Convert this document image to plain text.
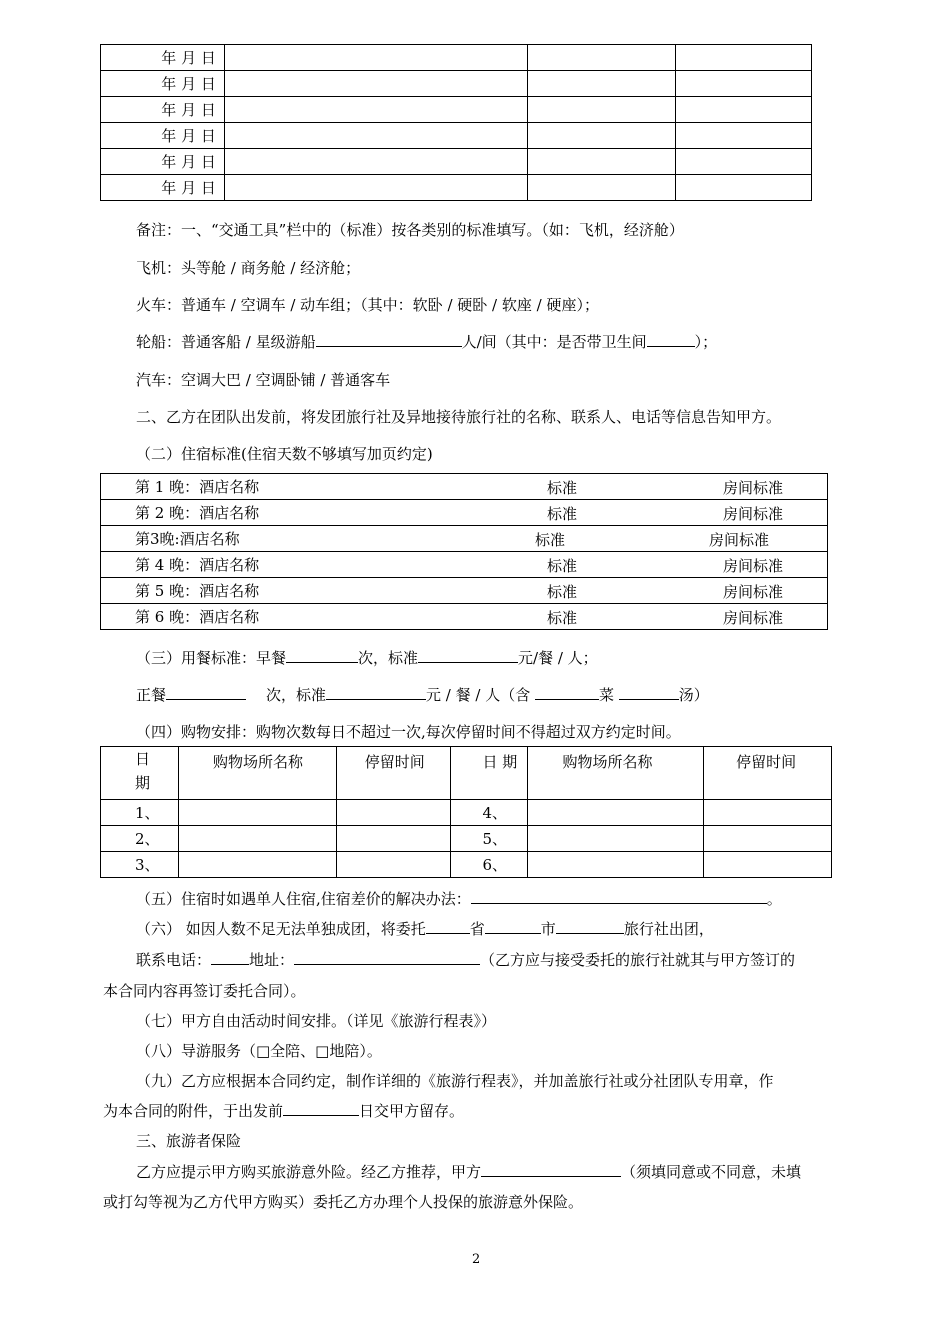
年 月 日			
年 月 日			
年 月 日			
年 月 日			
年 月 日			
年 月 日			
备注：一、“交通工具”栏中的（标准）按各类别的标准填写。（如：飞机，经济舱）
飞机：头等舱 / 商务舱 / 经济舱；
火车：普通车 / 空调车 / 动车组；（其中：软卧 / 硬卧 / 软座 / 硬座）；
轮船：普通客船 / 星级游船	人/间（其中：是否带卫生间	）；
汽车：空调大巴 / 空调卧铺 / 普通客车
二、乙方在团队出发前，将发团旅行社及异地接待旅行社的名称、联系人、电话等信息告知甲方。
（二）住宿标准(住宿天数不够填写加页约定)
第 1 晚：酒店名称	标准	房间标准

第 2 晚：酒店名称	标准	房间标准

第3晚:酒店名称	标准	房间标准

第 4 晚：酒店名称	标准	房间标准

第 5 晚：酒店名称	标准	房间标准

第 6 晚：酒店名称	标准	房间标准
（三）用餐标准：早餐	次，标准	元/餐 / 人；
正餐	次，标准	元 / 餐 / 人（含	菜	汤）
（四）购物安排：购物次数每日不超过一次,每次停留时间不得超过双方约定时间。
日
期	购物场所名称	停留时间	日 期	购物场所名称	停留时间
1、			4、		
2、			5、		
3、			6、		
（五）住宿时如遇单人住宿,住宿差价的解决办法：	。
（六） 如因人数不足无法单独成团，将委托	省	市	旅行社出团，
联系电话：	地址：	（乙方应与接受委托的旅行社就其与甲方签订的
本合同内容再签订委托合同）。
（七）甲方自由活动时间安排。（详见《旅游行程表》）
（八）导游服务（□全陪、□地陪）。
（九）乙方应根据本合同约定，制作详细的《旅游行程表》，并加盖旅行社或分社团队专用章，作
为本合同的附件，于出发前	日交甲方留存。
三、旅游者保险
乙方应提示甲方购买旅游意外险。经乙方推荐，甲方	（须填同意或不同意，未填
或打勾等视为乙方代甲方购买）委托乙方办理个人投保的旅游意外保险。
2
